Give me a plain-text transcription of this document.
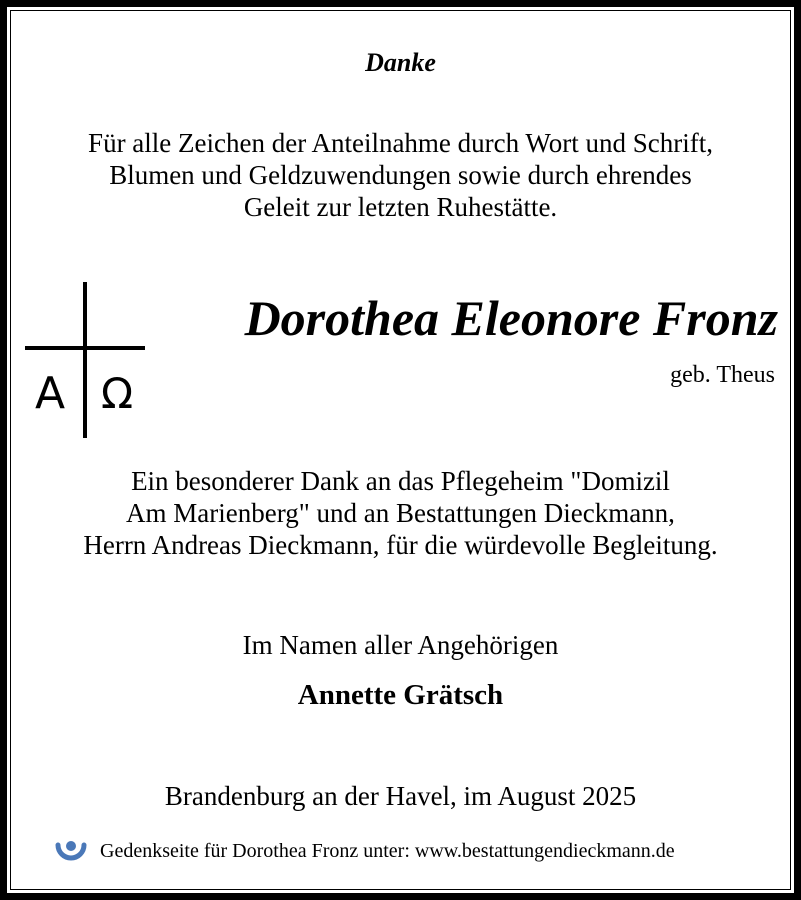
Danke
Für alle Zeichen der Anteilnahme durch Wort und Schrift,
Blumen und Geldzuwendungen sowie durch ehrendes
Geleit zur letzten Ruhestätte.
A Ω
Dorothea Eleonore Fronz
geb. Theus
Ein besonderer Dank an das Pflegeheim "Domizil
Am Marienberg" und an Bestattungen Dieckmann,
Herrn Andreas Dieckmann, für die würdevolle Begleitung.
Im Namen aller Angehörigen
Annette Grätsch
Brandenburg an der Havel, im August 2025
Gedenkseite für Dorothea Fronz unter: www.bestattungendieckmann.de
